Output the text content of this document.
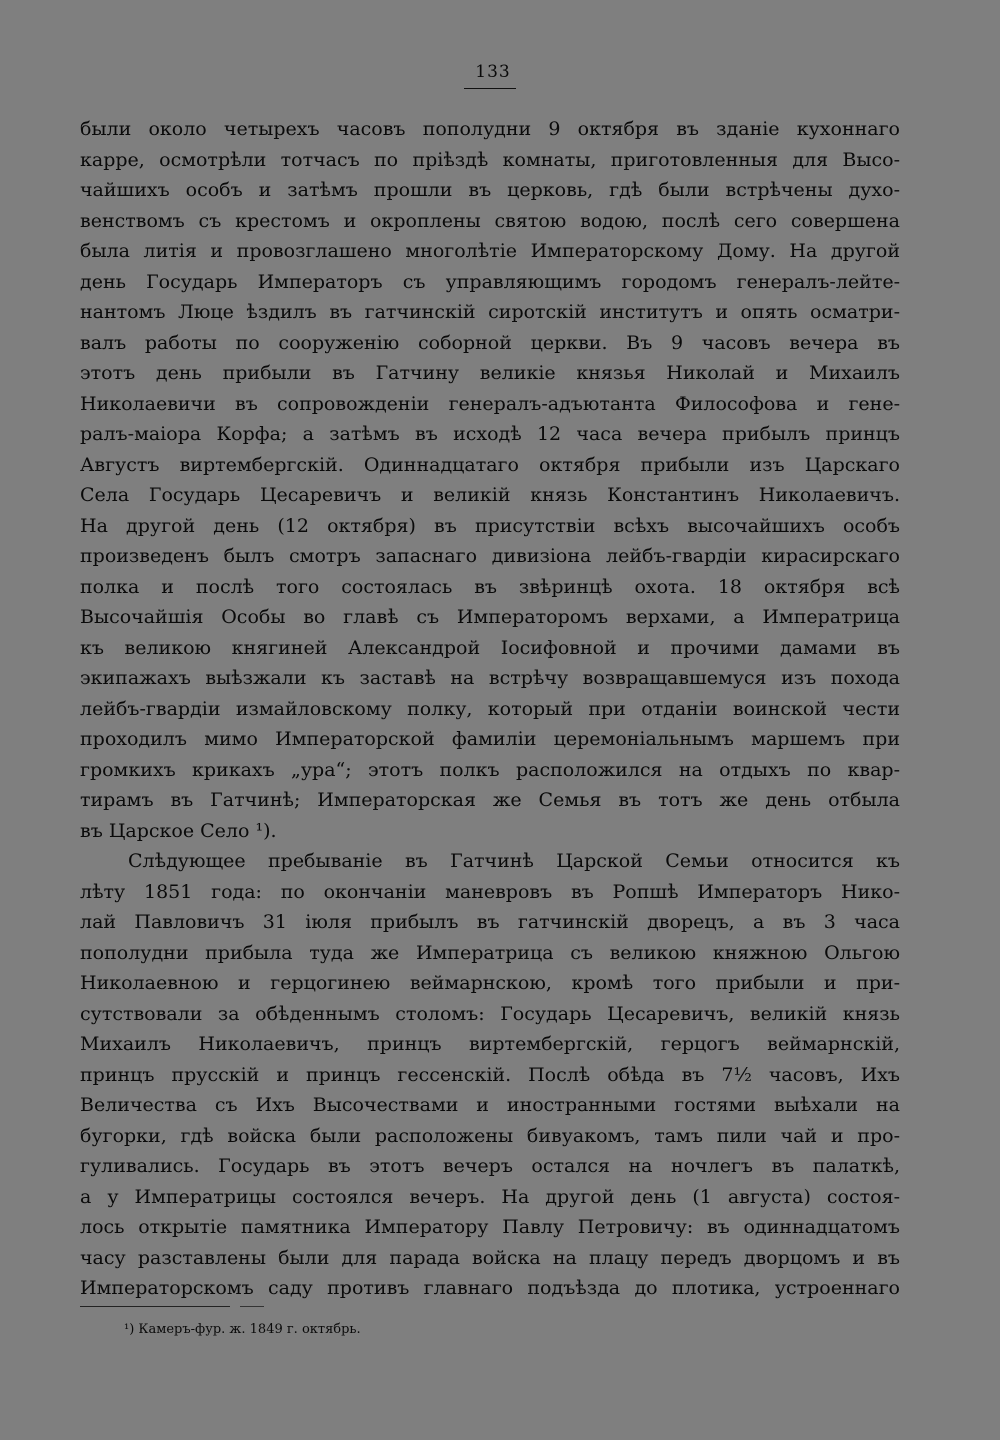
133
были около четырехъ часовъ пополудни 9 октября въ зданіе кухоннаго
карре, осмотрѣли тотчасъ по пріѣздѣ комнаты, приготовленныя для Высо-
чайшихъ особъ и затѣмъ прошли въ церковь, гдѣ были встрѣчены духо-
венствомъ съ крестомъ и окроплены святою водою, послѣ сего совершена
была литія и провозглашено многолѣтіе Императорскому Дому. На другой
день Государь Императоръ съ управляющимъ городомъ генералъ-лейте-
нантомъ Люце ѣздилъ въ гатчинскій сиротскій институтъ и опять осматри-
валъ работы по сооруженію соборной церкви. Въ 9 часовъ вечера въ
этотъ день прибыли въ Гатчину великіе князья Николай и Михаилъ
Николаевичи въ сопровожденіи генералъ-адъютанта Философова и гене-
ралъ-маіора Корфа; а затѣмъ въ исходѣ 12 часа вечера прибылъ принцъ
Августъ виртембергскій. Одиннадцатаго октября прибыли изъ Царскаго
Села Государь Цесаревичъ и великій князь Константинъ Николаевичъ.
На другой день (12 октября) въ присутствіи всѣхъ высочайшихъ особъ
произведенъ былъ смотръ запаснаго дивизіона лейбъ-гвардіи кирасирскаго
полка и послѣ того состоялась въ звѣринцѣ охота. 18 октября всѣ
Высочайшія Особы во главѣ съ Императоромъ верхами, а Императрица
къ великою княгиней Александрой Іосифовной и прочими дамами въ
экипажахъ выѣзжали къ заставѣ на встрѣчу возвращавшемуся изъ похода
лейбъ-гвардіи измайловскому полку, который при отданіи воинской чести
проходилъ мимо Императорской фамиліи церемоніальнымъ маршемъ при
громкихъ крикахъ „ура“; этотъ полкъ расположился на отдыхъ по квар-
тирамъ въ Гатчинѣ; Императорская же Семья въ тотъ же день отбыла
въ Царское Село ¹).
Слѣдующее пребываніе въ Гатчинѣ Царской Семьи относится къ
лѣту 1851 года: по окончаніи маневровъ въ Ропшѣ Императоръ Нико-
лай Павловичъ 31 іюля прибылъ въ гатчинскій дворецъ, а въ 3 часа
пополудни прибыла туда же Императрица съ великою княжною Ольгою
Николаевною и герцогинею веймарнскою, кромѣ того прибыли и при-
сутствовали за обѣденнымъ столомъ: Государь Цесаревичъ, великій князь
Михаилъ Николаевичъ, принцъ виртембергскій, герцогъ веймарнскій,
принцъ прусскій и принцъ гессенскій. Послѣ обѣда въ 7½ часовъ, Ихъ
Величества съ Ихъ Высочествами и иностранными гостями выѣхали на
бугорки, гдѣ войска были расположены бивуакомъ, тамъ пили чай и про-
гуливались. Государь въ этотъ вечеръ остался на ночлегъ въ палаткѣ,
а у Императрицы состоялся вечеръ. На другой день (1 августа) состоя-
лось открытіе памятника Императору Павлу Петровичу: въ одиннадцатомъ
часу разставлены были для парада войска на плацу передъ дворцомъ и въ
Императорскомъ саду противъ главнаго подъѣзда до плотика, устроеннаго
¹) Камеръ-фур. ж. 1849 г. октябрь.
